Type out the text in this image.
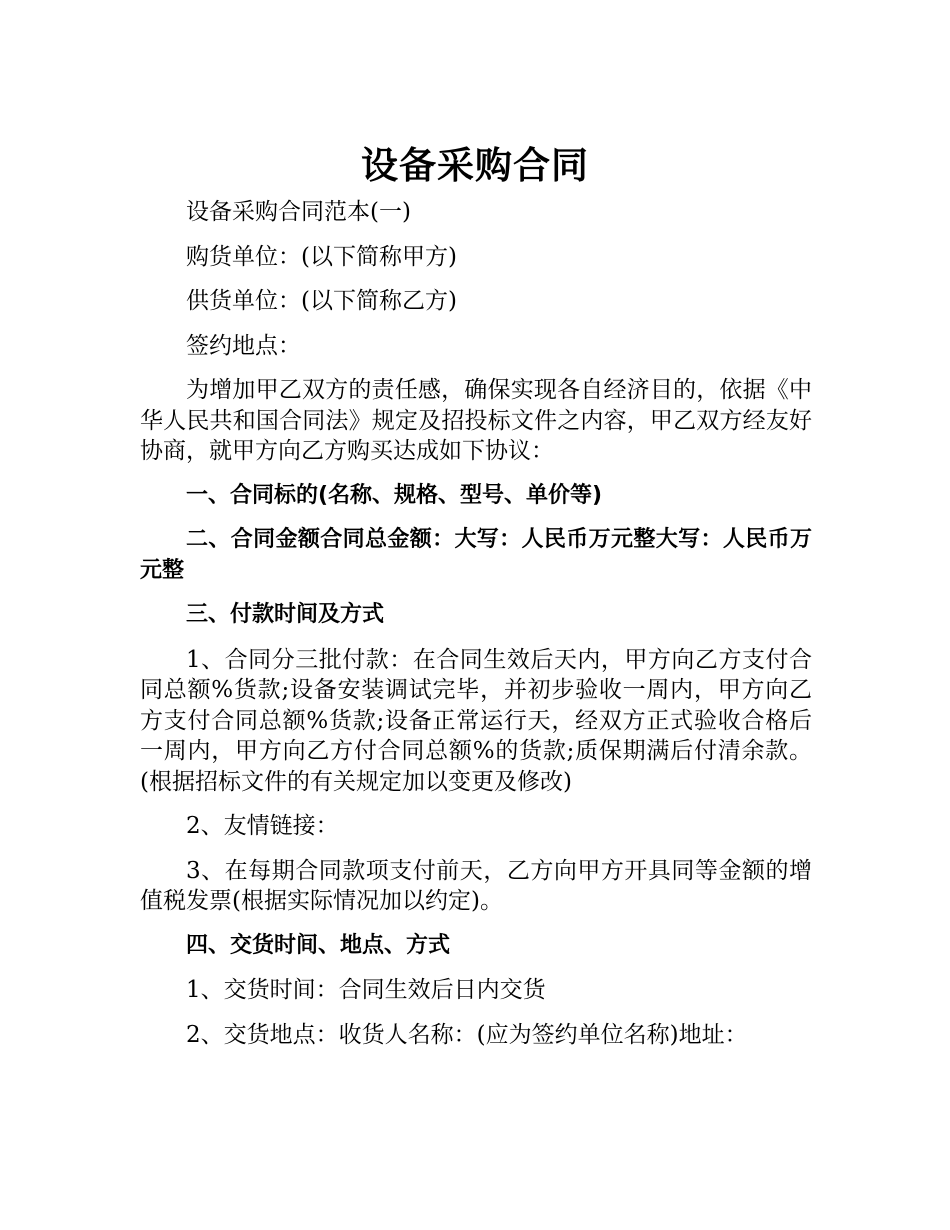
设备采购合同

设备采购合同范本(一)

购货单位：(以下简称甲方)

供货单位：(以下简称乙方)

签约地点：

为增加甲乙双方的责任感，确保实现各自经济目的，依据《中华人民共和国合同法》规定及招投标文件之内容，甲乙双方经友好协商，就甲方向乙方购买达成如下协议：

一、合同标的(名称、规格、型号、单价等)

二、合同金额合同总金额：大写：人民币万元整大写：人民币万元整

三、付款时间及方式

1、合同分三批付款：在合同生效后天内，甲方向乙方支付合同总额%货款;设备安装调试完毕，并初步验收一周内，甲方向乙方支付合同总额%货款;设备正常运行天，经双方正式验收合格后一周内，甲方向乙方付合同总额%的货款;质保期满后付清余款。(根据招标文件的有关规定加以变更及修改)

2、友情链接：

3、在每期合同款项支付前天，乙方向甲方开具同等金额的增值税发票(根据实际情况加以约定)。

四、交货时间、地点、方式

1、交货时间：合同生效后日内交货

2、交货地点：收货人名称：(应为签约单位名称)地址：
